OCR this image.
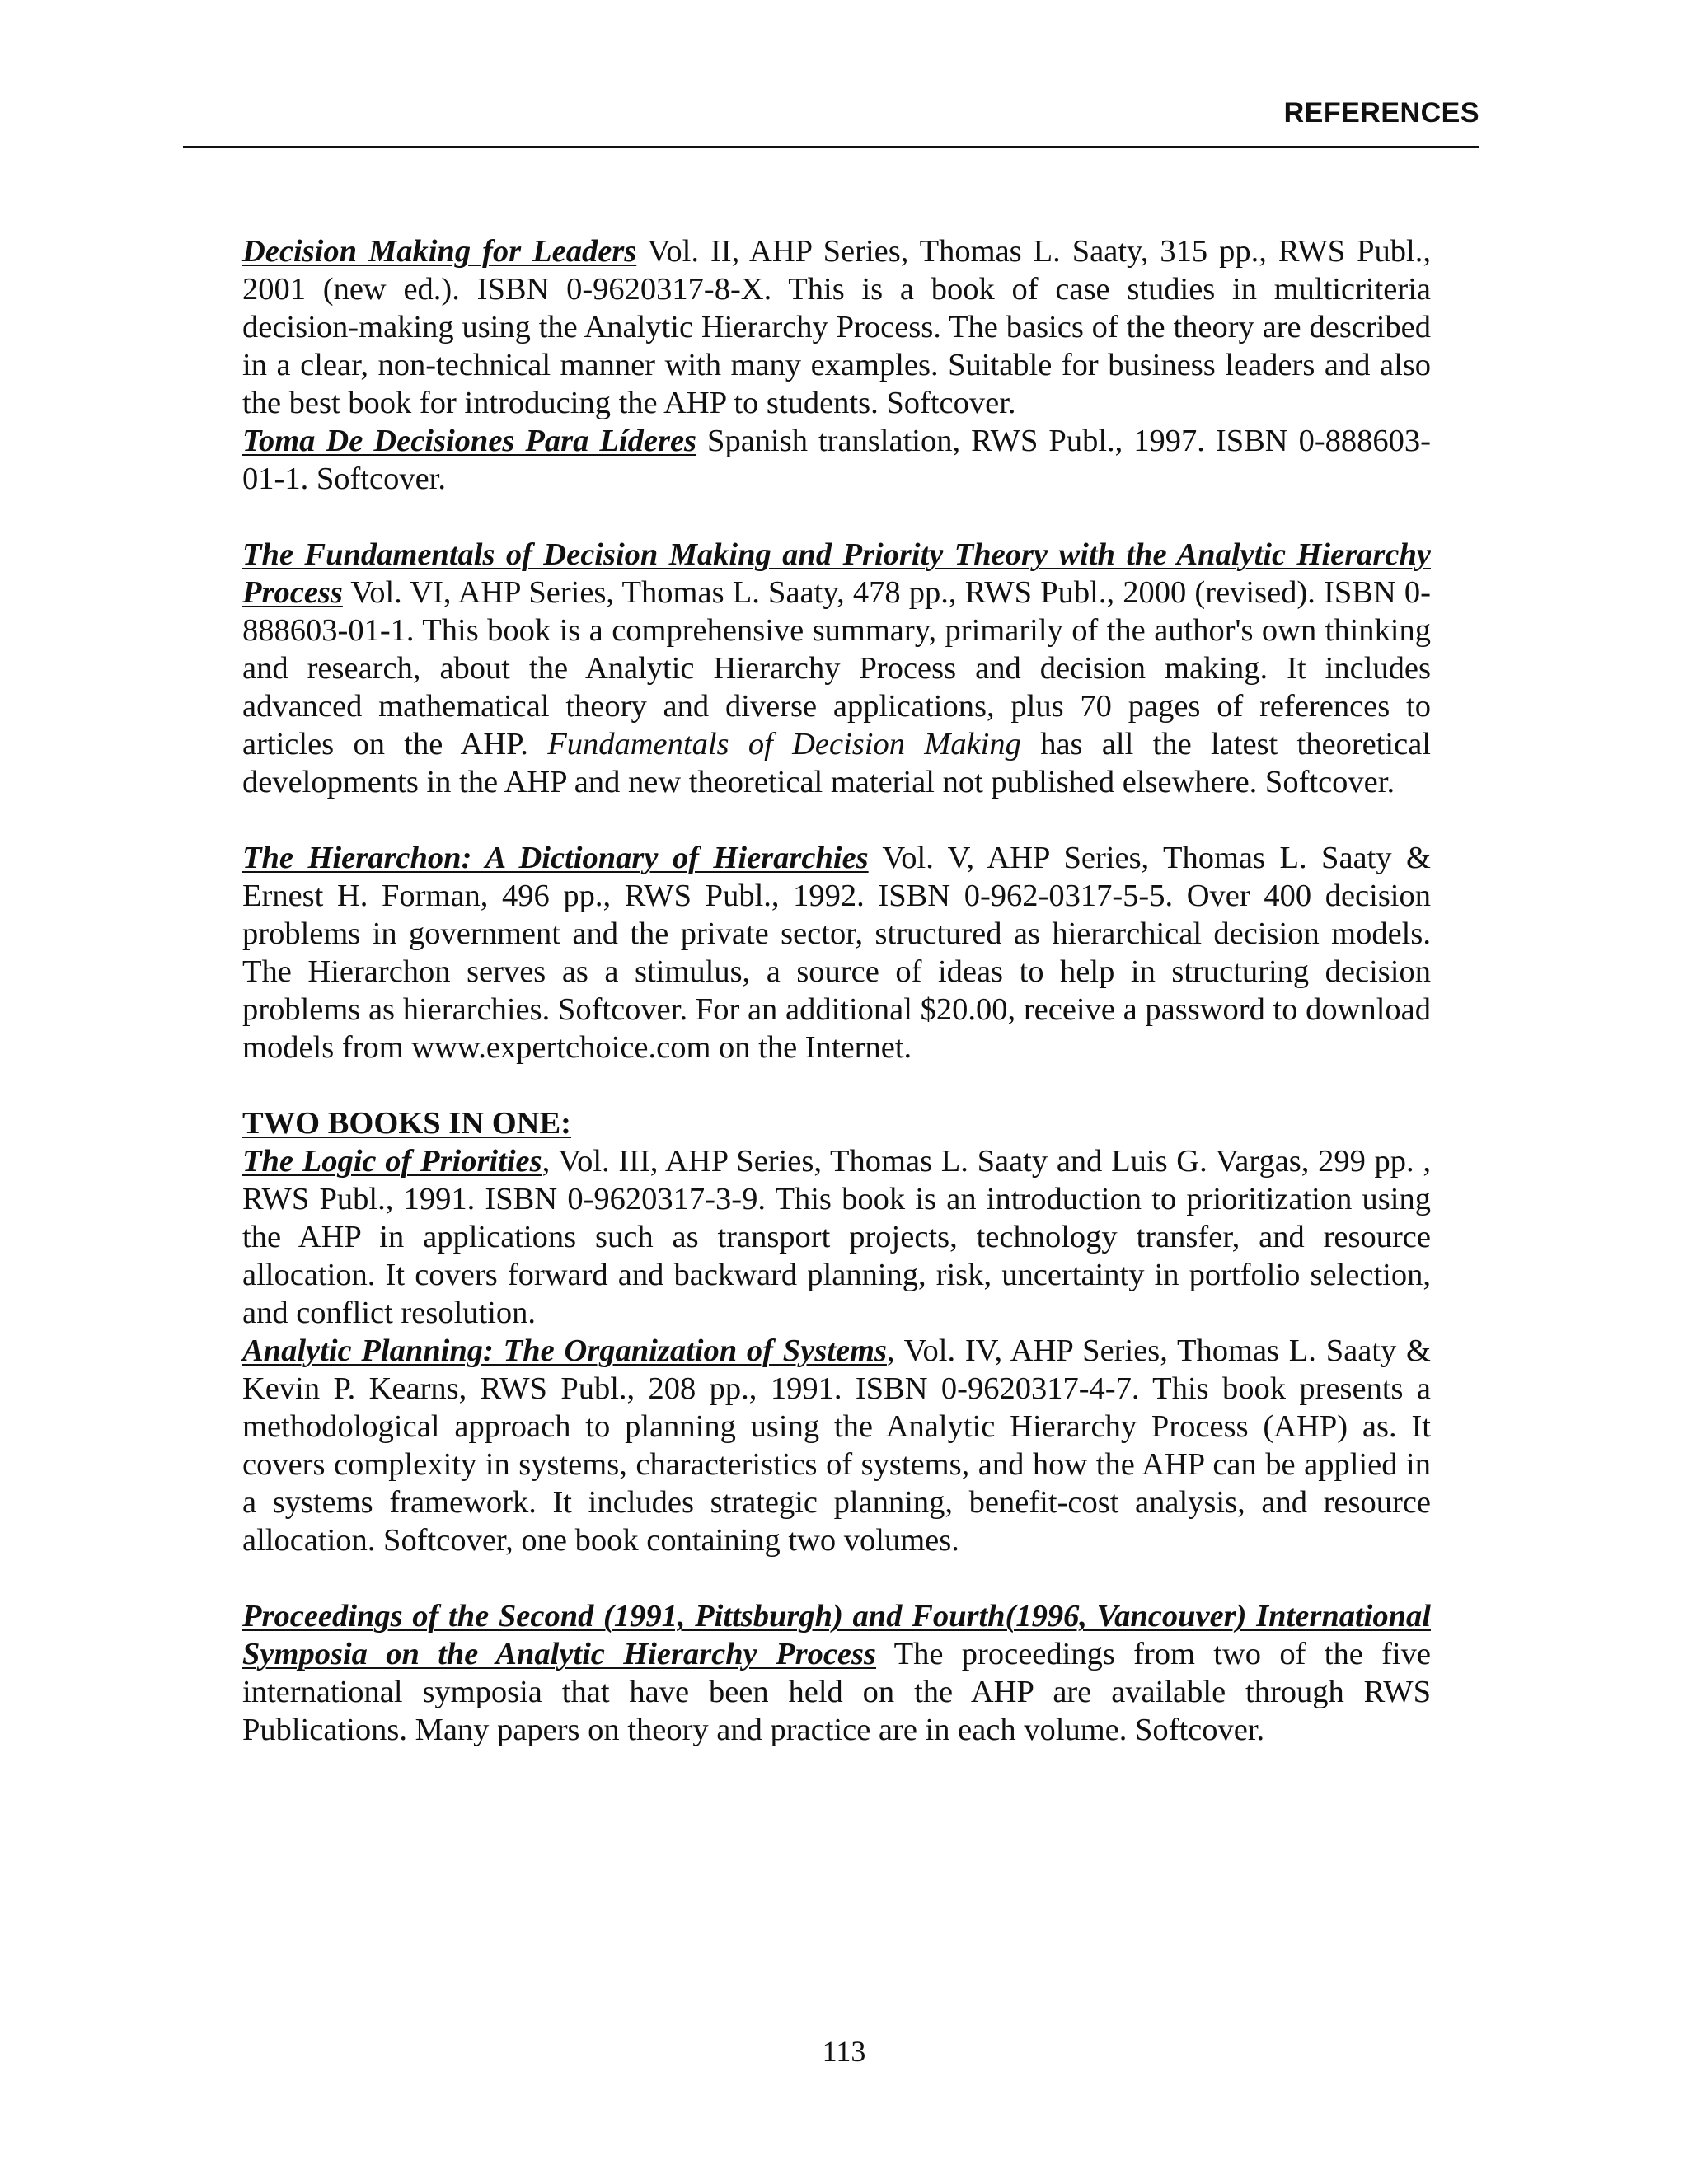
REFERENCES

Decision Making for Leaders Vol. II, AHP Series, Thomas L. Saaty, 315 pp., RWS Publ., 2001 (new ed.). ISBN 0-9620317-8-X. This is a book of case studies in multicriteria decision-making using the Analytic Hierarchy Process. The basics of the theory are described in a clear, non-technical manner with many examples. Suitable for business leaders and also the best book for introducing the AHP to students. Softcover.

Toma De Decisiones Para Líderes Spanish translation, RWS Publ., 1997. ISBN 0-888603-01-1. Softcover.

The Fundamentals of Decision Making and Priority Theory with the Analytic Hierarchy Process Vol. VI, AHP Series, Thomas L. Saaty, 478 pp., RWS Publ., 2000 (revised). ISBN 0-888603-01-1. This book is a comprehensive summary, primarily of the author's own thinking and research, about the Analytic Hierarchy Process and decision making. It includes advanced mathematical theory and diverse applications, plus 70 pages of references to articles on the AHP. Fundamentals of Decision Making has all the latest theoretical developments in the AHP and new theoretical material not published elsewhere. Softcover.

The Hierarchon: A Dictionary of Hierarchies Vol. V, AHP Series, Thomas L. Saaty & Ernest H. Forman, 496 pp., RWS Publ., 1992. ISBN 0-962-0317-5-5. Over 400 decision problems in government and the private sector, structured as hierarchical decision models. The Hierarchon serves as a stimulus, a source of ideas to help in structuring decision problems as hierarchies. Softcover. For an additional $20.00, receive a password to download models from www.expertchoice.com on the Internet.

TWO BOOKS IN ONE:

The Logic of Priorities, Vol. III, AHP Series, Thomas L. Saaty and Luis G. Vargas, 299 pp. , RWS Publ., 1991. ISBN 0-9620317-3-9. This book is an introduction to prioritization using the AHP in applications such as transport projects, technology transfer, and resource allocation. It covers forward and backward planning, risk, uncertainty in portfolio selection, and conflict resolution.

Analytic Planning: The Organization of Systems, Vol. IV, AHP Series, Thomas L. Saaty & Kevin P. Kearns, RWS Publ., 208 pp., 1991. ISBN 0-9620317-4-7. This book presents a methodological approach to planning using the Analytic Hierarchy Process (AHP) as. It covers complexity in systems, characteristics of systems, and how the AHP can be applied in a systems framework. It includes strategic planning, benefit-cost analysis, and resource allocation. Softcover, one book containing two volumes.

Proceedings of the Second (1991, Pittsburgh) and Fourth(1996, Vancouver) International Symposia on the Analytic Hierarchy Process The proceedings from two of the five international symposia that have been held on the AHP are available through RWS Publications. Many papers on theory and practice are in each volume. Softcover.

113
